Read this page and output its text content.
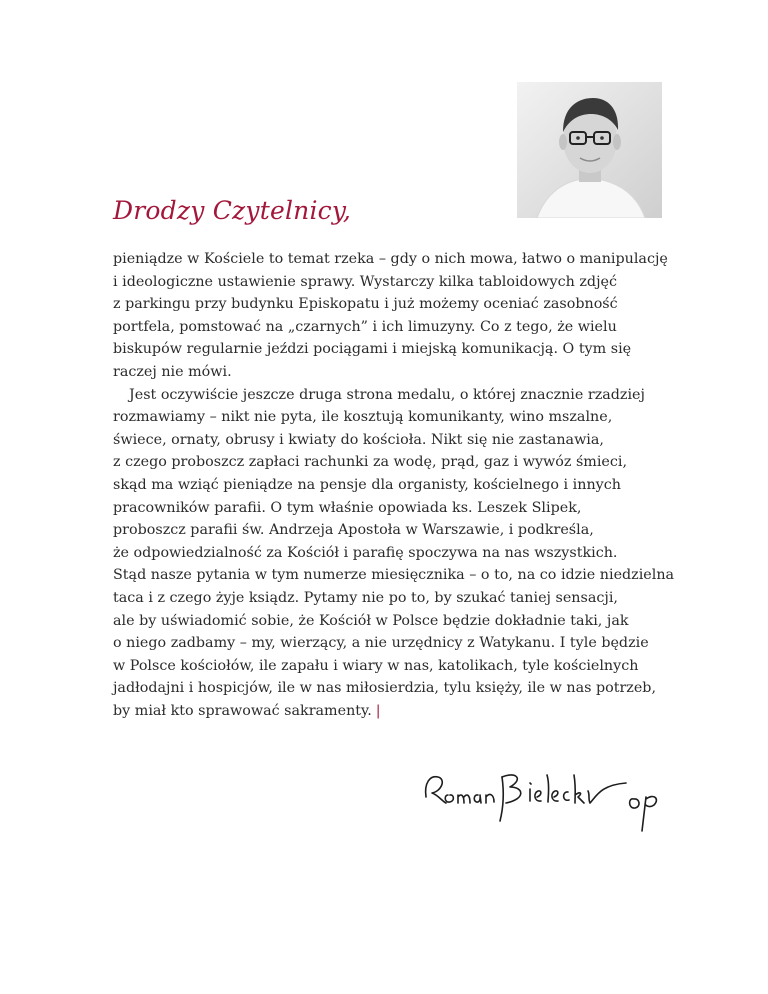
Drodzy Czytelnicy,
pieniądze w Kościele to temat rzeka – gdy o nich mowa, łatwo o manipulację
i ideologiczne ustawienie sprawy. Wystarczy kilka tabloidowych zdjęć
z parkingu przy budynku Episkopatu i już możemy oceniać zasobność
portfela, pomstować na „czarnych” i ich limuzyny. Co z tego, że wielu
biskupów regularnie jeździ pociągami i miejską komunikacją. O tym się
raczej nie mówi.
Jest oczywiście jeszcze druga strona medalu, o której znacznie rzadziej
rozmawiamy – nikt nie pyta, ile kosztują komunikanty, wino mszalne,
świece, ornaty, obrusy i kwiaty do kościoła. Nikt się nie zastanawia,
z czego proboszcz zapłaci rachunki za wodę, prąd, gaz i wywóz śmieci,
skąd ma wziąć pieniądze na pensje dla organisty, kościelnego i innych
pracowników parafii. O tym właśnie opowiada ks. Leszek Slipek,
proboszcz parafii św. Andrzeja Apostoła w Warszawie, i podkreśla,
że odpowiedzialność za Kościół i parafię spoczywa na nas wszystkich.
Stąd nasze pytania w tym numerze miesięcznika – o to, na co idzie niedzielna
taca i z czego żyje ksiądz. Pytamy nie po to, by szukać taniej sensacji,
ale by uświadomić sobie, że Kościół w Polsce będzie dokładnie taki, jak
o niego zadbamy – my, wierzący, a nie urzędnicy z Watykanu. I tyle będzie
w Polsce kościołów, ile zapału i wiary w nas, katolikach, tyle kościelnych
jadłodajni i hospicjów, ile w nas miłosierdzia, tylu księży, ile w nas potrzeb,
by miał kto sprawować sakramenty. |
Roman Bielecki op
